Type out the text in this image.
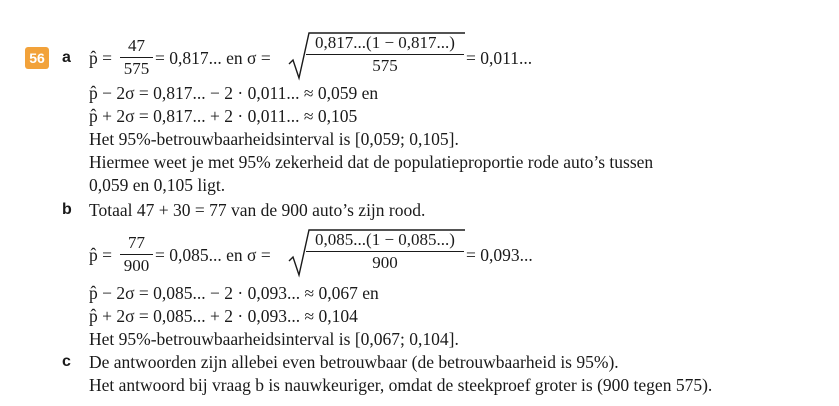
56 a p̂ =
47
575
= 0,817... en σ =
0,817...(1 − 0,817...)
575	= 0,011...
p̂ − 2σ = 0,817... − 2 · 0,011... ≈ 0,059 en
p̂ + 2σ = 0,817... + 2 · 0,011... ≈ 0,105
Het 95%-betrouwbaarheidsinterval is [0,059; 0,105].
Hiermee weet je met 95% zekerheid dat de populatieproportie rode auto’s tussen
0,059 en 0,105 ligt.
b Totaal 47 + 30 = 77 van de 900 auto’s zijn rood.
p̂ =
77
900
= 0,085... en σ =
0,085...(1 − 0,085...)
900	= 0,093...
p̂ − 2σ = 0,085... − 2 · 0,093... ≈ 0,067 en
p̂ + 2σ = 0,085... + 2 · 0,093... ≈ 0,104
Het 95%-betrouwbaarheidsinterval is [0,067; 0,104].
c De antwoorden zijn allebei even betrouwbaar (de betrouwbaarheid is 95%).
Het antwoord bij vraag b is nauwkeuriger, omdat de steekproef groter is (900 tegen 575).
